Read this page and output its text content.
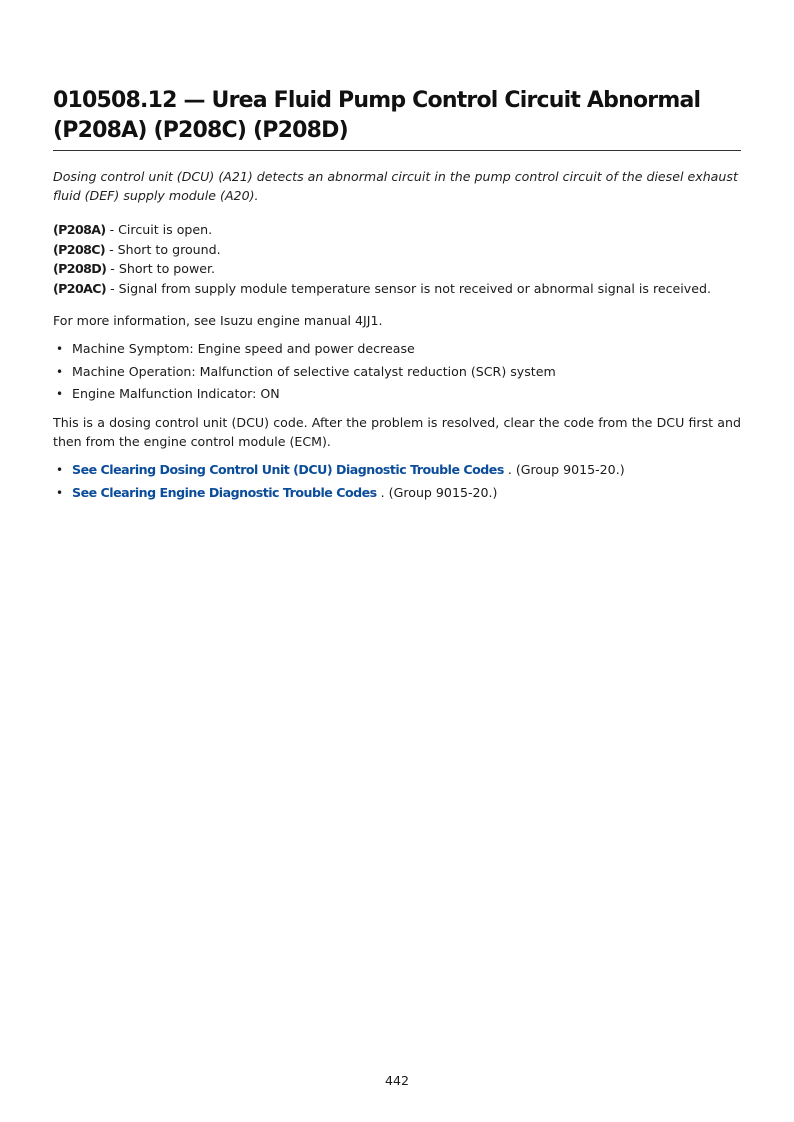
010508.12 — Urea Fluid Pump Control Circuit Abnormal (P208A) (P208C) (P208D)

Dosing control unit (DCU) (A21) detects an abnormal circuit in the pump control circuit of the diesel exhaust fluid (DEF) supply module (A20).

(P208A) - Circuit is open.
(P208C) - Short to ground.
(P208D) - Short to power.
(P20AC) - Signal from supply module temperature sensor is not received or abnormal signal is received.

For more information, see Isuzu engine manual 4JJ1.

• Machine Symptom: Engine speed and power decrease
• Machine Operation: Malfunction of selective catalyst reduction (SCR) system
• Engine Malfunction Indicator: ON

This is a dosing control unit (DCU) code. After the problem is resolved, clear the code from the DCU first and then from the engine control module (ECM).

• See Clearing Dosing Control Unit (DCU) Diagnostic Trouble Codes . (Group 9015-20.)
• See Clearing Engine Diagnostic Trouble Codes . (Group 9015-20.)
442
